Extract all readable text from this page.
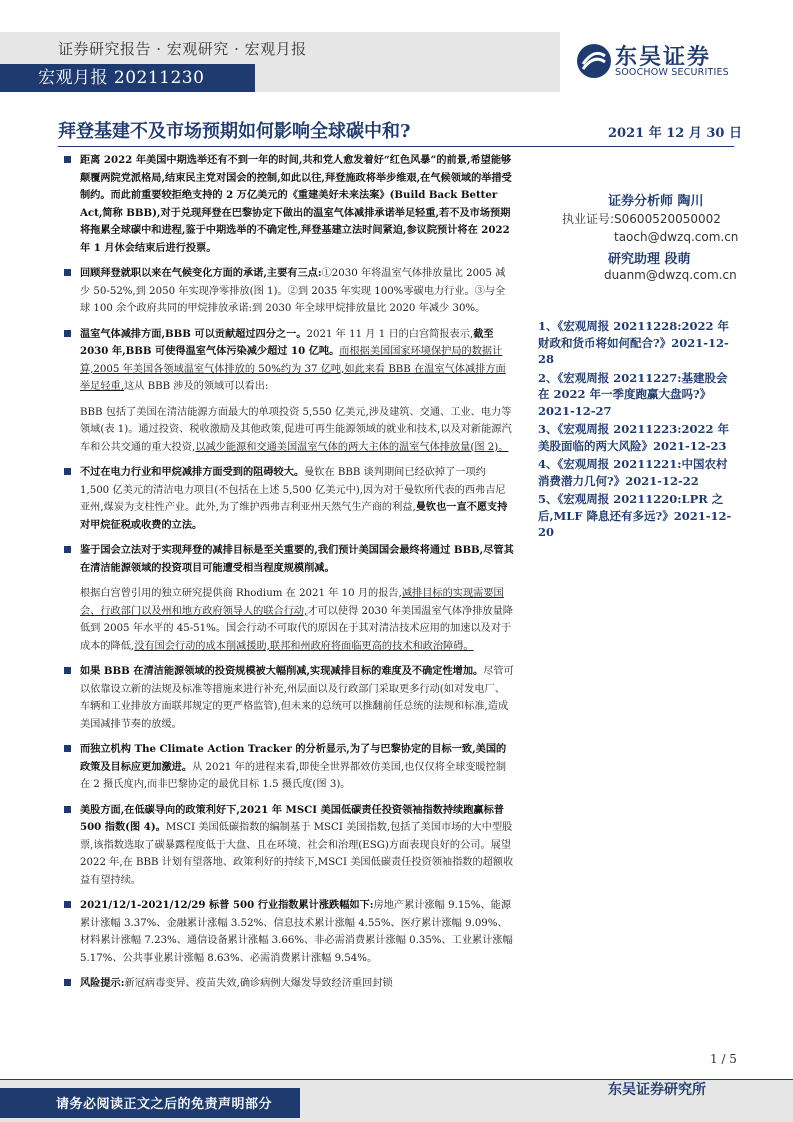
证券研究报告 · 宏观研究 · 宏观月报
宏观月报 20211230
东吴证券
SOOCHOW SECURITIES
拜登基建不及市场预期如何影响全球碳中和?	2021 年 12 月 30 日
距离 2022 年美国中期选举还有不到一年的时间,共和党人愈发着好“红色风暴”的前景,希望能够颠覆两院党派格局,结束民主党对国会的控制,如此以往,拜登施政将举步维艰,在气候领域的举措受制约。而此前重要较拒绝支持的 2 万亿美元的《重建美好未来法案》(Build Back Better Act,简称 BBB),对于兑现拜登在巴黎协定下做出的温室气体减排承诺举足轻重,若不及市场预期将拖累全球碳中和进程,鉴于中期选举的不确定性,拜登基建立法时间紧迫,参议院预计将在 2022 年 1 月休会结束后进行投票。
回顾拜登就职以来在气候变化方面的承诺,主要有三点:①2030 年将温室气体排放量比 2005 减少 50-52%,到 2050 年实现净零排放(图 1)。②到 2035 年实现 100%零碳电力行业。③与全球 100 余个政府共同的甲烷排放承诺:到 2030 年全球甲烷排放量比 2020 年减少 30%。
温室气体减排方面,BBB 可以贡献超过四分之一。2021 年 11 月 1 日的白宫简报表示,截至 2030 年,BBB 可使得温室气体污染减少超过 10 亿吨。而根据美国国家环境保护局的数据计算,2005 年美国各领域温室气体排放的 50%约为 37 亿吨,如此来看 BBB 在温室气体减排方面举足轻重,这从 BBB 涉及的领域可以看出:
BBB 包括了美国在清洁能源方面最大的单项投资 5,550 亿美元,涉及建筑、交通、工业、电力等领域(表 1)。通过投资、税收激励及其他政策,促进可再生能源领域的就业和技术,以及对新能源汽车和公共交通的重大投资,以减少能源和交通美国温室气体的两大主体的温室气体排放量(图 2)。
不过在电力行业和甲烷减排方面受到的阻碍较大。曼钦在 BBB 谈判期间已经砍掉了一项约 1,500 亿美元的清洁电力项目(不包括在上述 5,500 亿美元中),因为对于曼钦所代表的西弗吉尼亚州,煤炭为支柱性产业。此外,为了维护西弗吉利亚州天然气生产商的利益,曼钦也一直不愿支持对甲烷征税或收费的立法。
鉴于国会立法对于实现拜登的减排目标是至关重要的,我们预计美国国会最终将通过 BBB,尽管其在清洁能源领域的投资项目可能遭受相当程度规模削减。
根据白宫曾引用的独立研究提供商 Rhodium 在 2021 年 10 月的报告,减排目标的实现需要国会、行政部门以及州和地方政府领导人的联合行动,才可以使得 2030 年美国温室气体净排放量降低到 2005 年水平的 45-51%。国会行动不可取代的原因在于其对清洁技术应用的加速以及对于成本的降低,没有国会行动的成本削减援助,联邦和州政府将面临更高的技术和政治障碍。
如果 BBB 在清洁能源领域的投资规模被大幅削减,实现减排目标的难度及不确定性增加。尽管可以依靠设立新的法规及标准等措施来进行补充,州层面以及行政部门采取更多行动(如对发电厂、车辆和工业排放方面联邦规定的更严格监管),但未来的总统可以推翻前任总统的法规和标准,造成美国减排节奏的放缓。
而独立机构 The Climate Action Tracker 的分析显示,为了与巴黎协定的目标一致,美国的政策及目标应更加激进。从 2021 年的进程来看,即使全世界都效仿美国,也仅仅将全球变暖控制在 2 摄氏度内,而非巴黎协定的最优目标 1.5 摄氏度(图 3)。
美股方面,在低碳导向的政策利好下,2021 年 MSCI 美国低碳责任投资领袖指数持续跑赢标普 500 指数(图 4)。MSCI 美国低碳指数的编制基于 MSCI 美国指数,包括了美国市场的大中型股票,该指数选取了碳暴露程度低于大盘、且在环境、社会和治理(ESG)方面表现良好的公司。展望 2022 年,在 BBB 计划有望落地、政策利好的持续下,MSCI 美国低碳责任投资领袖指数的超额收益有望持续。
2021/12/1-2021/12/29 标普 500 行业指数累计涨跌幅如下:房地产累计涨幅 9.15%、能源累计涨幅 3.37%、金融累计涨幅 3.52%、信息技术累计涨幅 4.55%、医疗累计涨幅 9.09%、材料累计涨幅 7.23%、通信设备累计涨幅 3.66%、非必需消费累计涨幅 0.35%、工业累计涨幅 5.17%、公共事业累计涨幅 8.63%、必需消费累计涨幅 9.54%。
风险提示:新冠病毒变异、疫苗失效,确诊病例大爆发导致经济重回封锁
证券分析师 陶川
执业证号:S0600520050002
taoch@dwzq.com.cn
研究助理 段萌
duanm@dwzq.com.cn
1、《宏观周报 20211228:2022 年财政和货币将如何配合?》2021-12-28
2、《宏观周报 20211227:基建股会在 2022 年一季度跑赢大盘吗?》2021-12-27
3、《宏观周报 20211223:2022 年美股面临的两大风险》2021-12-23
4、《宏观周报 20211221:中国农村消费潜力几何?》2021-12-22
5、《宏观周报 20211220:LPR 之后,MLF 降息还有多远?》2021-12-20
1 / 5
请务必阅读正文之后的免责声明部分
东吴证券研究所
